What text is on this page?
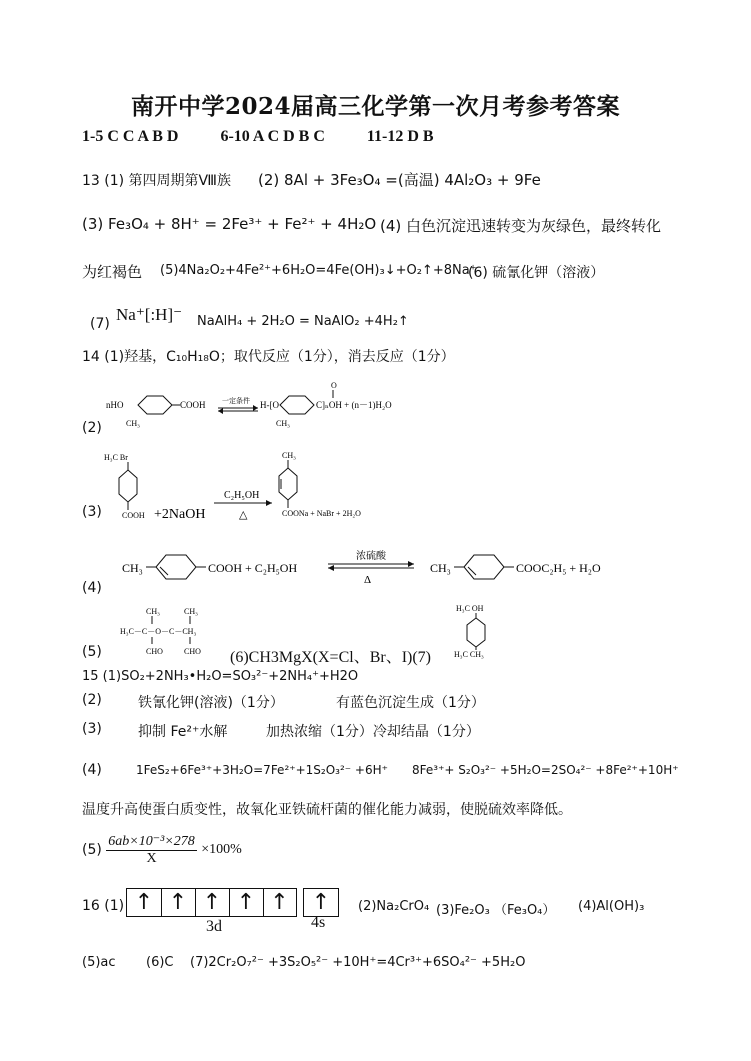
南开中学2024届高三化学第一次月考参考答案
1-5 C C A B D	6-10 A C D B C	11-12 D B
13 (1) 第四周期第Ⅷ族 (2) 8Al + 3Fe₃O₄ =(高温) 4Al₂O₃ + 9Fe
(3) Fe₃O₄ + 8H⁺ = 2Fe³⁺ + Fe²⁺ + 4H₂O (4) 白色沉淀迅速转变为灰绿色，最终转化
为红褐色 (5)4Na₂O₂+4Fe²⁺+6H₂O=4Fe(OH)₃↓+O₂↑+8Na⁺
(6) 硫氰化钾（溶液）
(7) Na⁺[:H]⁻ NaAlH₄ + 2H₂O = NaAlO₂ +4H₂↑
14 (1)羟基，C₁₀H₁₈O；取代反应（1分），消去反应（1分）
(2)
nHO	COOH
CH₃
一定条件 H-[O
CH₃
O
C]ₙOH + (n－1)H₂O
(3)
H₃C Br
COOH +2NaOH
C₂H₅OH
△
CH₃
COONa + NaBr + 2H₂O
(4)
CH₃	COOH + C₂H₅OH
浓硫酸
Δ
CH₃	COOC₂H₅ + H₂O
(5)
CH₃	CH₃
H₃C－C－O－C－CH₃
CHO	CHO (6)CH3MgX(X=Cl、Br、I)(7)
H₃C OH
H₃C CH₃
15 (1)SO₂+2NH₃•H₂O=SO₃²⁻+2NH₄⁺+H2O
(2)	铁氰化钾(溶液)（1分）	有蓝色沉淀生成（1分）
(3)	抑制 Fe²⁺水解	加热浓缩（1分）冷却结晶（1分）
(4)	1FeS₂+6Fe³⁺+3H₂O=7Fe²⁺+1S₂O₃²⁻ +6H⁺ 8Fe³⁺+ S₂O₃²⁻ +5H₂O=2SO₄²⁻ +8Fe²⁺+10H⁺
温度升高使蛋白质变性，故氧化亚铁硫杆菌的催化能力减弱，使脱硫效率降低。
$(5) \frac{\text{6ab×10⁻³×278}}{X} \times 100\%$
16 (1) ↑ ↑ ↑ ↑ ↑	↑
3d	4s
(2)Na₂CrO₄ (3)Fe₂O₃ （Fe₃O₄） (4)Al(OH)₃
(5)ac (6)C (7)2Cr₂O₇²⁻ +3S₂O₅²⁻ +10H⁺=4Cr³⁺+6SO₄²⁻ +5H₂O
